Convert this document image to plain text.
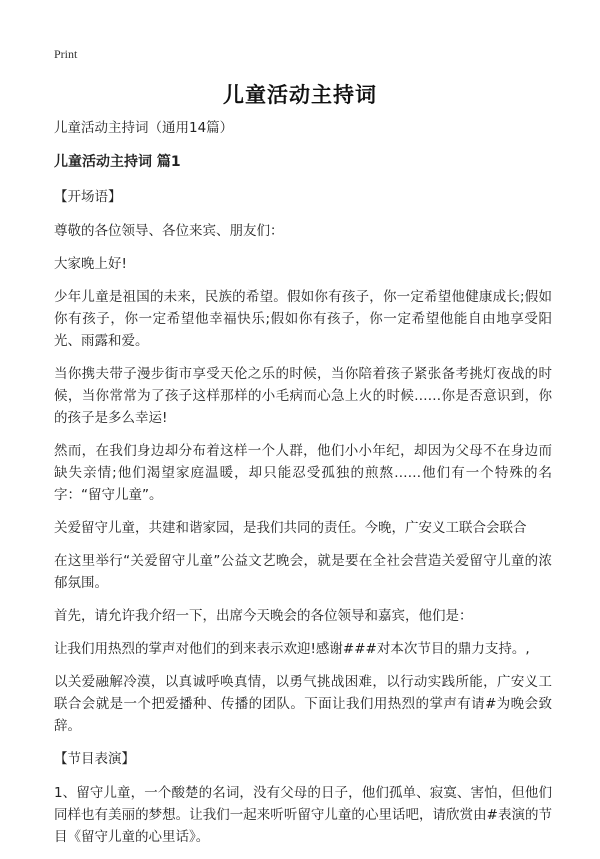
Print
儿童活动主持词
儿童活动主持词（通用14篇）
儿童活动主持词 篇1
【开场语】

尊敬的各位领导、各位来宾、朋友们：

大家晚上好!

少年儿童是祖国的未来，民族的希望。假如你有孩子，你一定希望他健康成长;假如你有孩子，你一定希望他幸福快乐;假如你有孩子，你一定希望他能自由地享受阳光、雨露和爱。

当你携夫带子漫步街市享受天伦之乐的时候，当你陪着孩子紧张备考挑灯夜战的时候，当你常常为了孩子这样那样的小毛病而心急上火的时候……你是否意识到，你的孩子是多么幸运!

然而，在我们身边却分布着这样一个人群，他们小小年纪，却因为父母不在身边而缺失亲情;他们渴望家庭温暖，却只能忍受孤独的煎熬……他们有一个特殊的名字：“留守儿童”。

关爱留守儿童，共建和谐家园，是我们共同的责任。今晚，广安义工联合会联合

在这里举行“关爱留守儿童”公益文艺晚会，就是要在全社会营造关爱留守儿童的浓郁氛围。

首先，请允许我介绍一下，出席今天晚会的各位领导和嘉宾，他们是：

让我们用热烈的掌声对他们的到来表示欢迎!感谢###对本次节目的鼎力支持。,

以关爱融解冷漠，以真诚呼唤真情，以勇气挑战困难，以行动实践所能，广安义工联合会就是一个把爱播种、传播的团队。下面让我们用热烈的掌声有请#为晚会致辞。

【节目表演】

1、留守儿童，一个酸楚的名词，没有父母的日子，他们孤单、寂寞、害怕，但他们同样也有美丽的梦想。让我们一起来听听留守儿童的心里话吧，请欣赏由#表演的节目《留守儿童的心里话》。
